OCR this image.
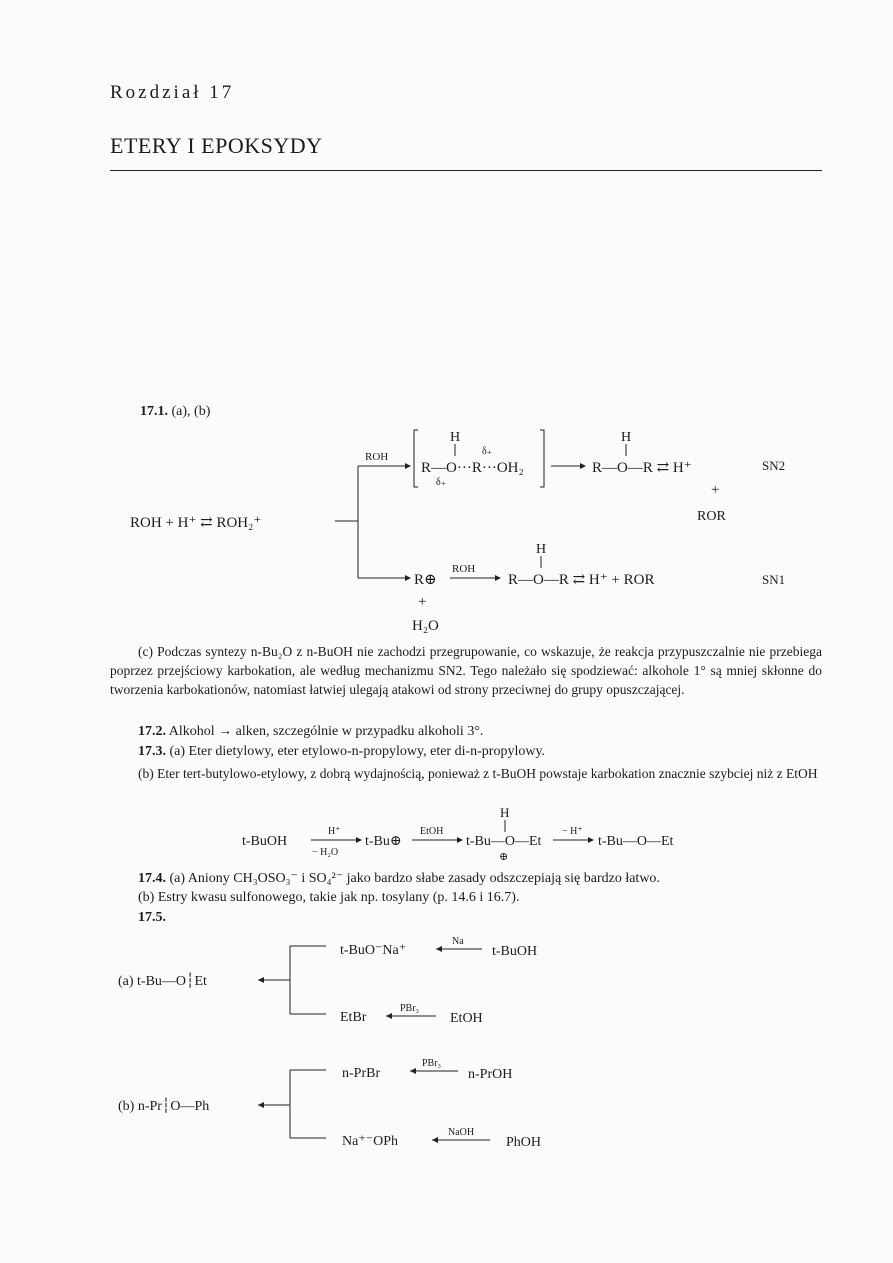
Rozdział 17
ETERY I EPOKSYDY
17.1. (a), (b)
ROH + H⁺ ⇄ ROH₂⁺
ROH
H
R—O···R···OH₂
δ₊
δ₊
H
R—O—R ⇄ H⁺
+
ROR
SN2
R⊕
ROH
H
R—O—R ⇄ H⁺ + ROR	SN1
+
H₂O
(c) Podczas syntezy n-Bu₂O z n-BuOH nie zachodzi przegrupowanie, co wskazuje, że reakcja przypuszczalnie nie przebiega poprzez przejściowy karbokation, ale według mechanizmu SN2. Tego należało się spodziewać: alkohole 1° są mniej skłonne do tworzenia karbokationów, natomiast łatwiej ulegają atakowi od strony przeciwnej do grupy opuszczającej.
17.2. Alkohol → alken, szczególnie w przypadku alkoholi 3°.
17.3. (a) Eter dietylowy, eter etylowo-n-propylowy, eter di-n-propylowy.
(b) Eter tert-butylowo-etylowy, z dobrą wydajnością, ponieważ z t-BuOH powstaje karbokation znacznie szybciej niż z EtOH
t-BuOH
H⁺
− H₂O
t-Bu⊕
EtOH
H
t-Bu—O—Et
⊕
− H⁺
t-Bu—O—Et
17.4. (a) Aniony CH₃OSO₃⁻ i SO₄²⁻ jako bardzo słabe zasady odszczepiają się bardzo łatwo.
(b) Estry kwasu sulfonowego, takie jak np. tosylany (p. 14.6 i 16.7).
17.5.
(a) t-Bu—O┆Et
t-BuO⁻Na⁺
Na
t-BuOH
EtBr
PBr₃
EtOH
(b) n-Pr┆O—Ph
n-PrBr
PBr₃
n-PrOH
Na⁺⁻OPh
NaOH
PhOH
